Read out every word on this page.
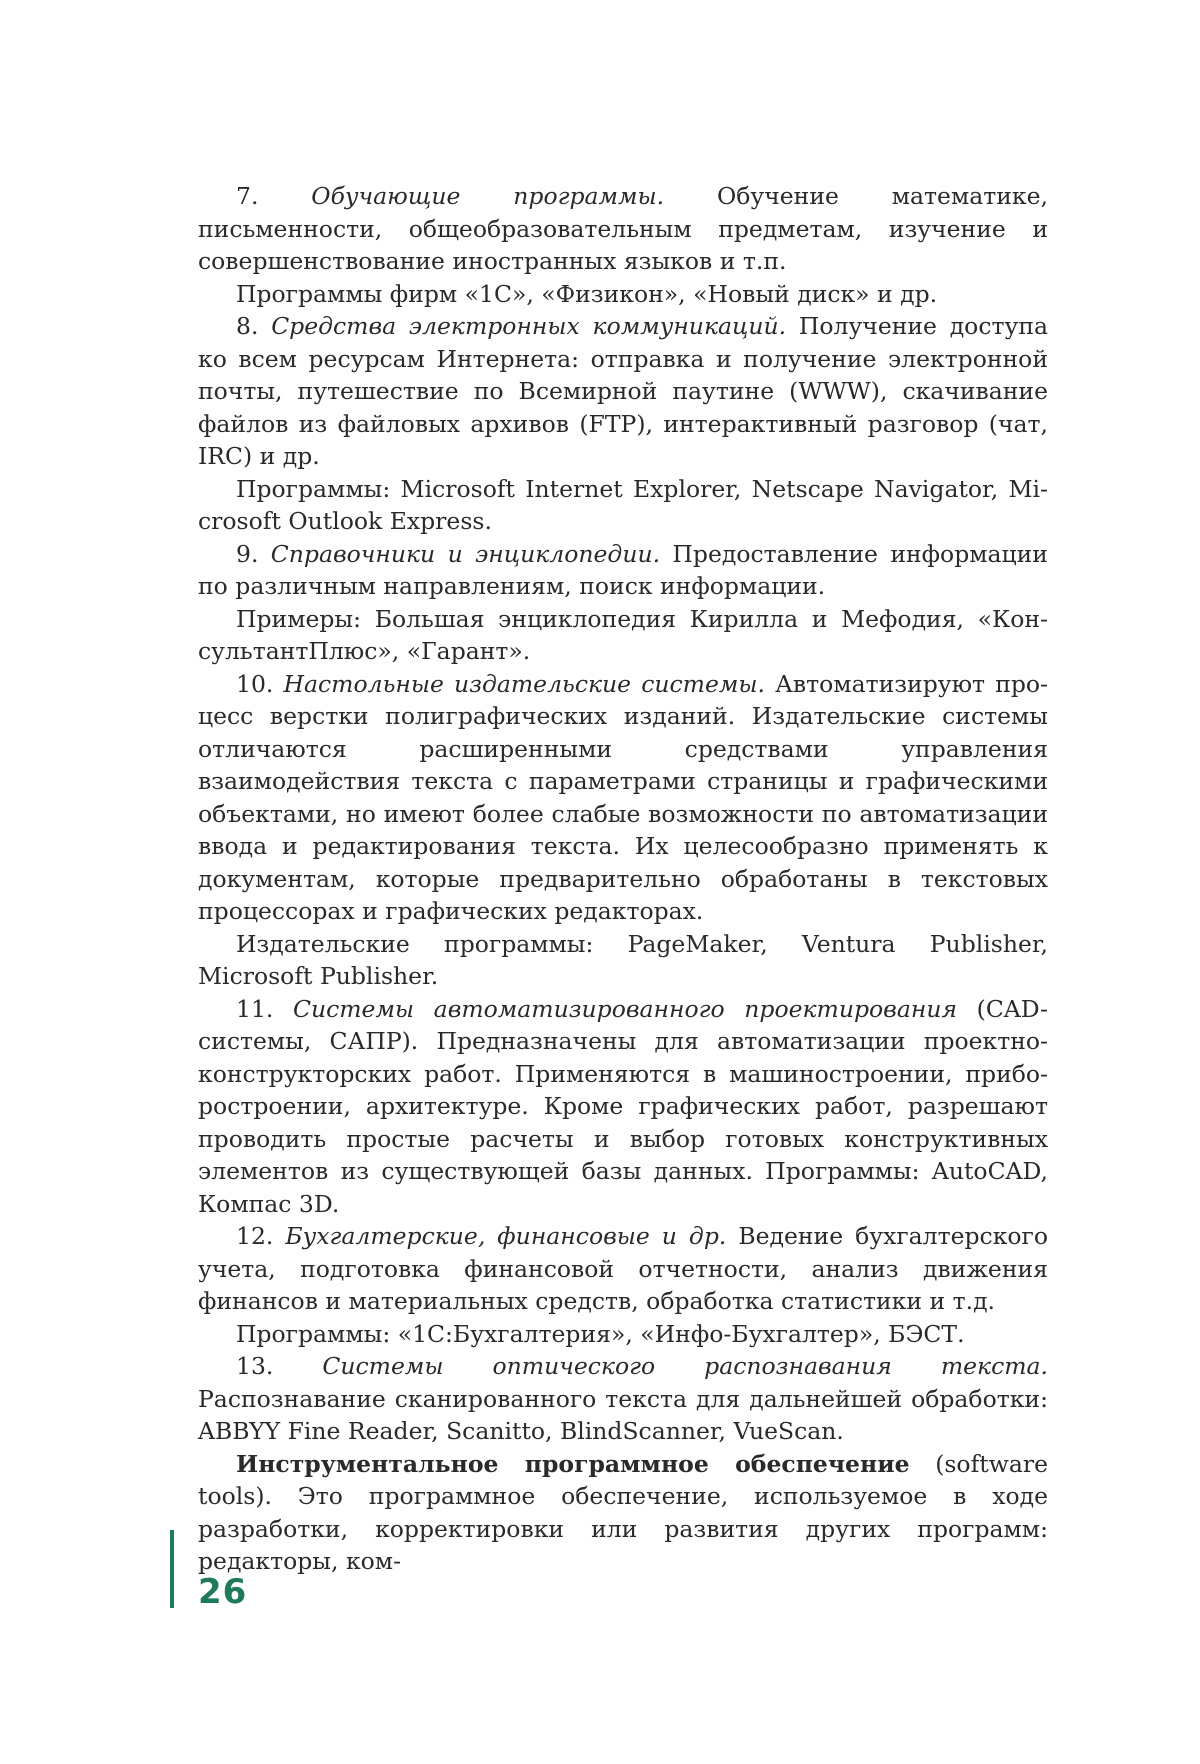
7. Обучающие программы. Обучение математике, письменности, общеобразовательным предметам, изучение и совершенствование иностранных языков и т.п.

Программы фирм «1С», «Физикон», «Новый диск» и др.

8. Средства электронных коммуникаций. Получение доступа ко всем ресурсам Интернета: отправка и получение электронной почты, путешествие по Всемирной паутине (WWW), скачивание файлов из файловых архивов (FTP), интерактивный разговор (чат, IRC) и др.

Программы: Microsoft Internet Explorer, Netscape Navigator, Microsoft Outlook Express.

9. Справочники и энциклопедии. Предоставление информации по различным направлениям, поиск информации.

Примеры: Большая энциклопедия Кирилла и Мефодия, «КонсультантПлюс», «Гарант».

10. Настольные издательские системы. Автоматизируют процесс верстки полиграфических изданий. Издательские системы отличаются расширенными средствами управления взаимодействия текста с параметрами страницы и графическими объектами, но имеют более слабые возможности по автоматизации ввода и редактирования текста. Их целесообразно применять к документам, которые предварительно обработаны в текстовых процессорах и графических редакторах.

Издательские программы: PageMaker, Ventura Publisher, Microsoft Publisher.

11. Системы автоматизированного проектирования (CAD-системы, САПР). Предназначены для автоматизации проектно-конструкторских работ. Применяются в машиностроении, приборостроении, архитектуре. Кроме графических работ, разрешают проводить простые расчеты и выбор готовых конструктивных элементов из существующей базы данных. Программы: AutoCAD, Компас 3D.

12. Бухгалтерские, финансовые и др. Ведение бухгалтерского учета, подготовка финансовой отчетности, анализ движения финансов и материальных средств, обработка статистики и т.д.

Программы: «1С:Бухгалтерия», «Инфо-Бухгалтер», БЭСТ.

13. Системы оптического распознавания текста. Распознавание сканированного текста для дальнейшей обработки: ABBYY Fine Reader, Scanitto, BlindScanner, VueScan.

Инструментальное программное обеспечение (software tools). Это программное обеспечение, используемое в ходе разработки, корректировки или развития других программ: редакторы, ком-

26
